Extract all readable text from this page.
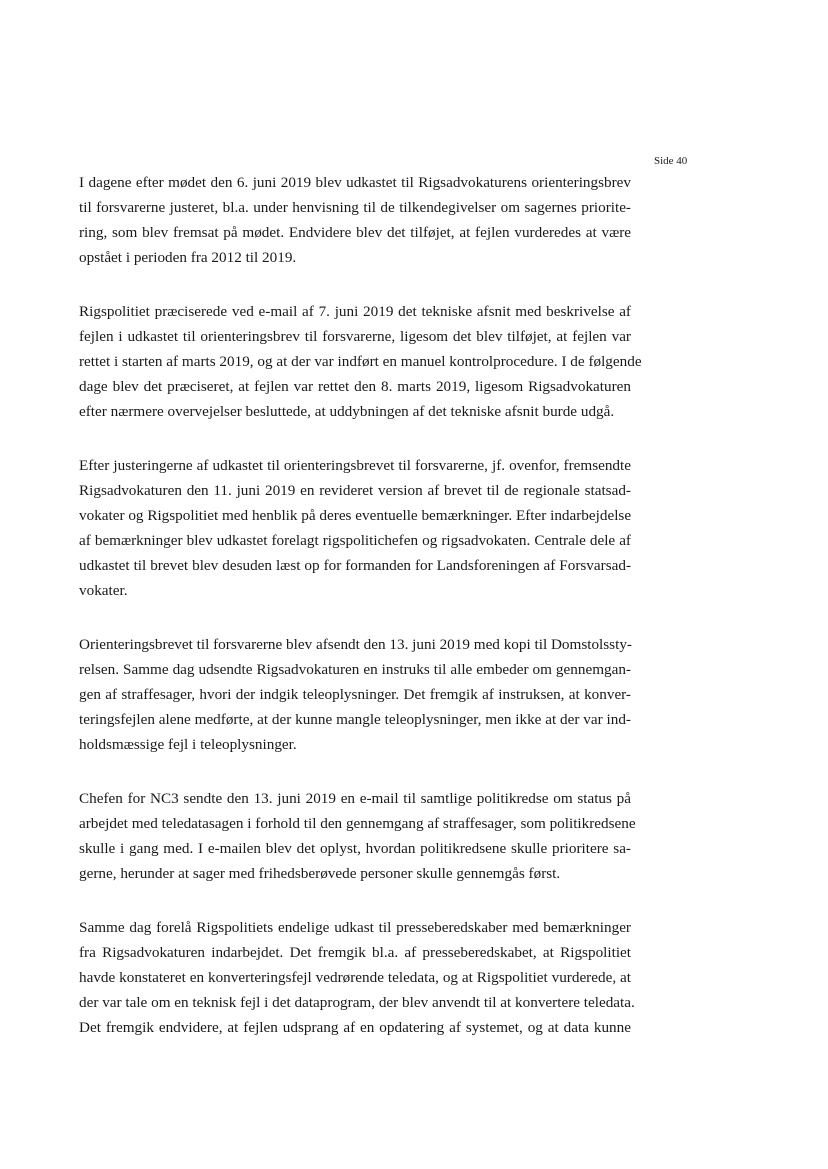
Side 40

I dagene efter mødet den 6. juni 2019 blev udkastet til Rigsadvokaturens orienteringsbrev
til forsvarerne justeret, bl.a. under henvisning til de tilkendegivelser om sagernes priorite-
ring, som blev fremsat på mødet. Endvidere blev det tilføjet, at fejlen vurderedes at være
opstået i perioden fra 2012 til 2019.

Rigspolitiet præciserede ved e-mail af 7. juni 2019 det tekniske afsnit med beskrivelse af
fejlen i udkastet til orienteringsbrev til forsvarerne, ligesom det blev tilføjet, at fejlen var
rettet i starten af marts 2019, og at der var indført en manuel kontrolprocedure. I de følgende
dage blev det præciseret, at fejlen var rettet den 8. marts 2019, ligesom Rigsadvokaturen
efter nærmere overvejelser besluttede, at uddybningen af det tekniske afsnit burde udgå.

Efter justeringerne af udkastet til orienteringsbrevet til forsvarerne, jf. ovenfor, fremsendte
Rigsadvokaturen den 11. juni 2019 en revideret version af brevet til de regionale statsad-
vokater og Rigspolitiet med henblik på deres eventuelle bemærkninger. Efter indarbejdelse
af bemærkninger blev udkastet forelagt rigspolitichefen og rigsadvokaten. Centrale dele af
udkastet til brevet blev desuden læst op for formanden for Landsforeningen af Forsvarsad-
vokater.

Orienteringsbrevet til forsvarerne blev afsendt den 13. juni 2019 med kopi til Domstolssty-
relsen. Samme dag udsendte Rigsadvokaturen en instruks til alle embeder om gennemgan-
gen af straffesager, hvori der indgik teleoplysninger. Det fremgik af instruksen, at konver-
teringsfejlen alene medførte, at der kunne mangle teleoplysninger, men ikke at der var ind-
holdsmæssige fejl i teleoplysninger.

Chefen for NC3 sendte den 13. juni 2019 en e-mail til samtlige politikredse om status på
arbejdet med teledatasagen i forhold til den gennemgang af straffesager, som politikredsene
skulle i gang med. I e-mailen blev det oplyst, hvordan politikredsene skulle prioritere sa-
gerne, herunder at sager med frihedsberøvede personer skulle gennemgås først.

Samme dag forelå Rigspolitiets endelige udkast til presseberedskaber med bemærkninger
fra Rigsadvokaturen indarbejdet. Det fremgik bl.a. af presseberedskabet, at Rigspolitiet
havde konstateret en konverteringsfejl vedrørende teledata, og at Rigspolitiet vurderede, at
der var tale om en teknisk fejl i det dataprogram, der blev anvendt til at konvertere teledata.
Det fremgik endvidere, at fejlen udsprang af en opdatering af systemet, og at data kunne
